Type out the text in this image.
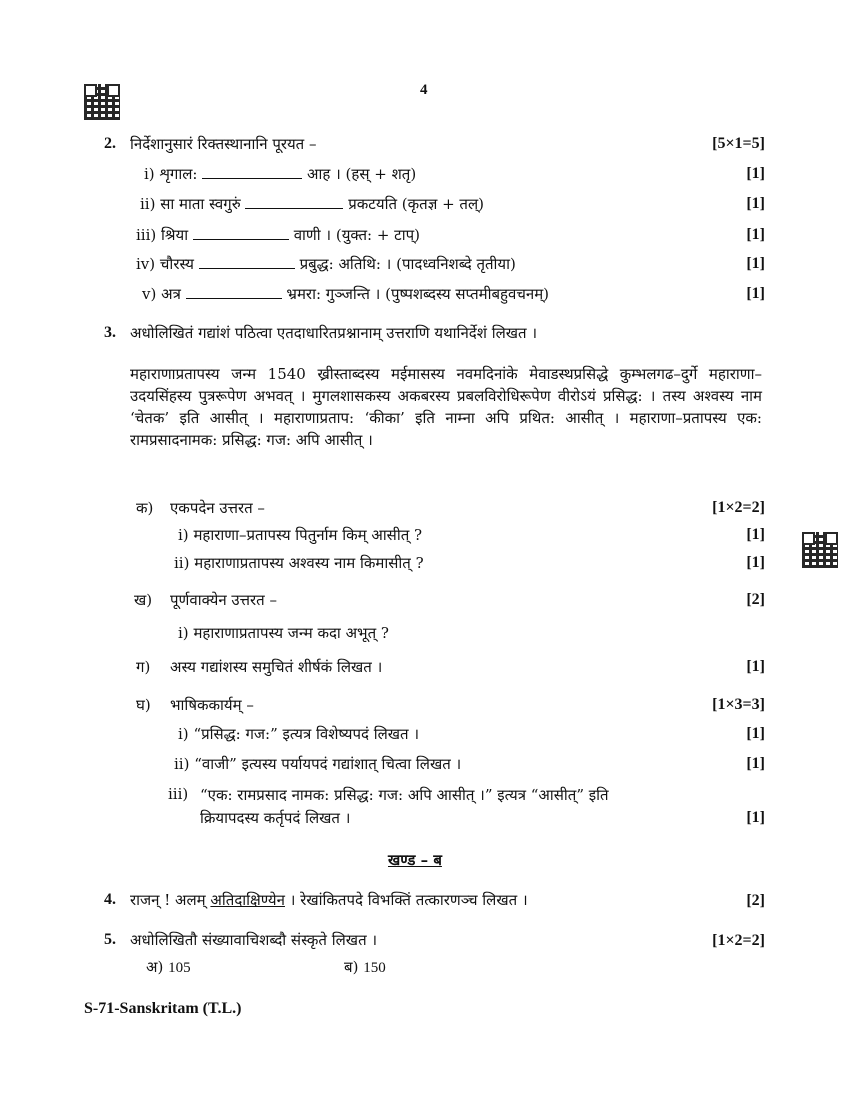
4
2. निर्देशानुसारं रिक्तस्थानानि पूरयत –	[5×1=5]
i) शृगाल:	आह । (हस् + शतृ)	[1]
ii) सा माता स्वगुरुं	प्रकटयति (कृतज्ञ + तल्)	[1]
iii) श्रिया	वाणी । (युक्त: + टाप्)	[1]
iv) चौरस्य	प्रबुद्ध: अतिथि: । (पादध्वनिशब्दे तृतीया)	[1]
v) अत्र	भ्रमरा: गुञ्जन्ति । (पुष्पशब्दस्य सप्तमीबहुवचनम्)	[1]
3. अधोलिखितं गद्यांशं पठित्वा एतदाधारितप्रश्नानाम् उत्तराणि यथानिर्देशं लिखत ।
महाराणाप्रतापस्य जन्म 1540 ख्रीस्ताब्दस्य मईमासस्य नवमदिनांके मेवाडस्थप्रसिद्धे कुम्भलगढ–दुर्गे महाराणा–उदयसिंहस्य पुत्ररूपेण अभवत् । मुगलशासकस्य अकबरस्य प्रबलविरोधिरूपेण वीरोऽयं प्रसिद्ध: । तस्य अश्वस्य नाम ‘चेतक’ इति आसीत् । महाराणाप्रताप: ‘कीका’ इति नाम्ना अपि प्रथित: आसीत् । महाराणा–प्रतापस्य एक: रामप्रसादनामक: प्रसिद्ध: गज: अपि आसीत् ।
क) एकपदेन उत्तरत –	[1×2=2]
i) महाराणा–प्रतापस्य पितुर्नाम किम् आसीत् ?	[1]
ii) महाराणाप्रतापस्य अश्वस्य नाम किमासीत् ?	[1]
ख) पूर्णवाक्येन उत्तरत –	[2]
i) महाराणाप्रतापस्य जन्म कदा अभूत् ?
ग) अस्य गद्यांशस्य समुचितं शीर्षकं लिखत ।	[1]
घ) भाषिककार्यम् –	[1×3=3]
i) “प्रसिद्ध: गज:” इत्यत्र विशेष्यपदं लिखत ।	[1]
ii) “वाजी” इत्यस्य पर्यायपदं गद्यांशात् चित्वा लिखत ।	[1]
iii) “एक: रामप्रसाद नामक: प्रसिद्ध: गज: अपि आसीत् ।” इत्यत्र “आसीत्” इति
क्रियापदस्य कर्तृपदं लिखत ।	[1]
खण्ड – ब
4. राजन् ! अलम् अतिदाक्षिण्येन । रेखांकितपदे विभक्तिं तत्कारणञ्च लिखत ।	[2]
5. अधोलिखितौ संख्यावाचिशब्दौ संस्कृते लिखत ।	[1×2=2]
अ) 105	ब) 150
S-71-Sanskritam (T.L.)
